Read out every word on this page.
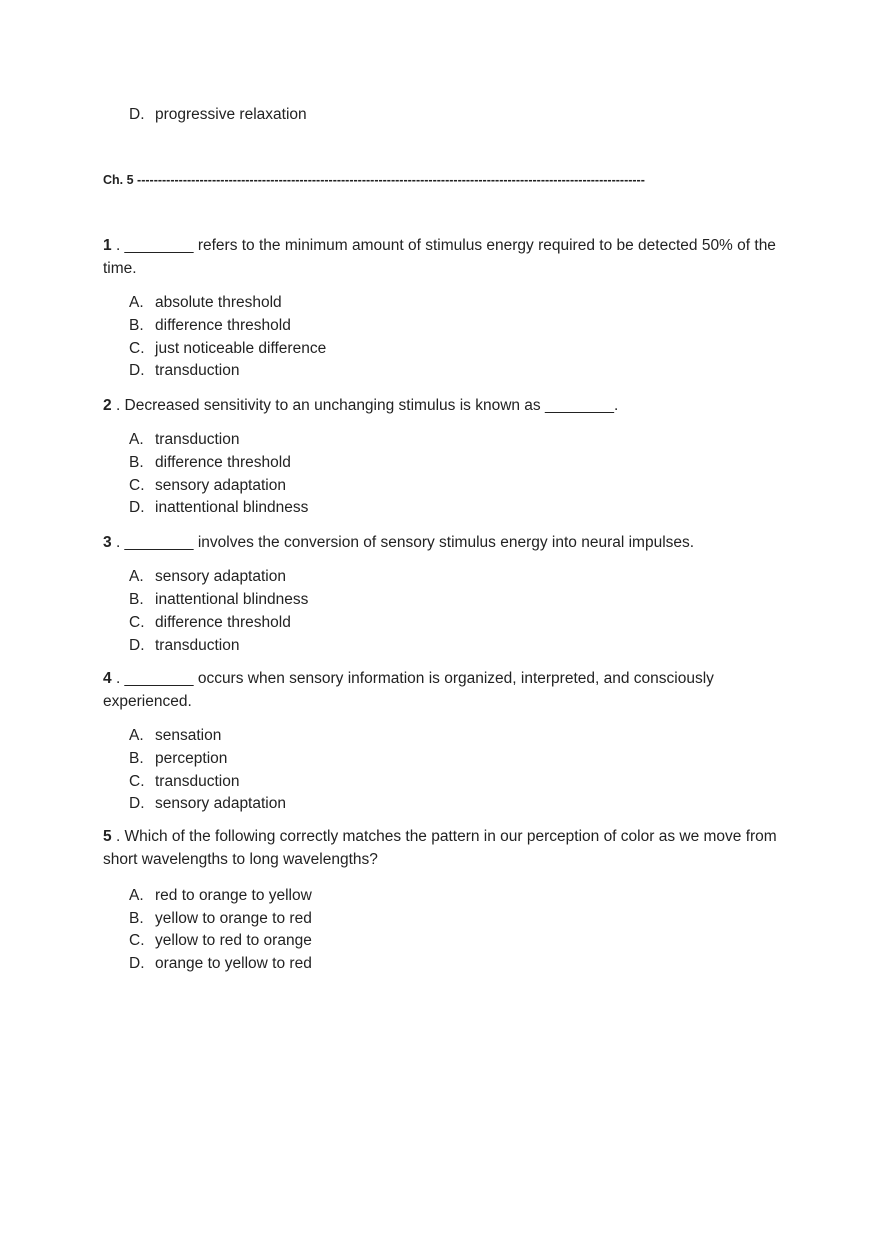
D. progressive relaxation
Ch. 5 --------------------------------------------------------------------------------------------------------------------------
1 . ________ refers to the minimum amount of stimulus energy required to be detected 50% of the time.
A. absolute threshold
B. difference threshold
C. just noticeable difference
D. transduction
2 . Decreased sensitivity to an unchanging stimulus is known as ________.
A. transduction
B. difference threshold
C. sensory adaptation
D. inattentional blindness
3 . ________ involves the conversion of sensory stimulus energy into neural impulses.
A. sensory adaptation
B. inattentional blindness
C. difference threshold
D. transduction
4 . ________ occurs when sensory information is organized, interpreted, and consciously experienced.
A. sensation
B. perception
C. transduction
D. sensory adaptation
5 . Which of the following correctly matches the pattern in our perception of color as we move from short wavelengths to long wavelengths?
A. red to orange to yellow
B. yellow to orange to red
C. yellow to red to orange
D. orange to yellow to red
